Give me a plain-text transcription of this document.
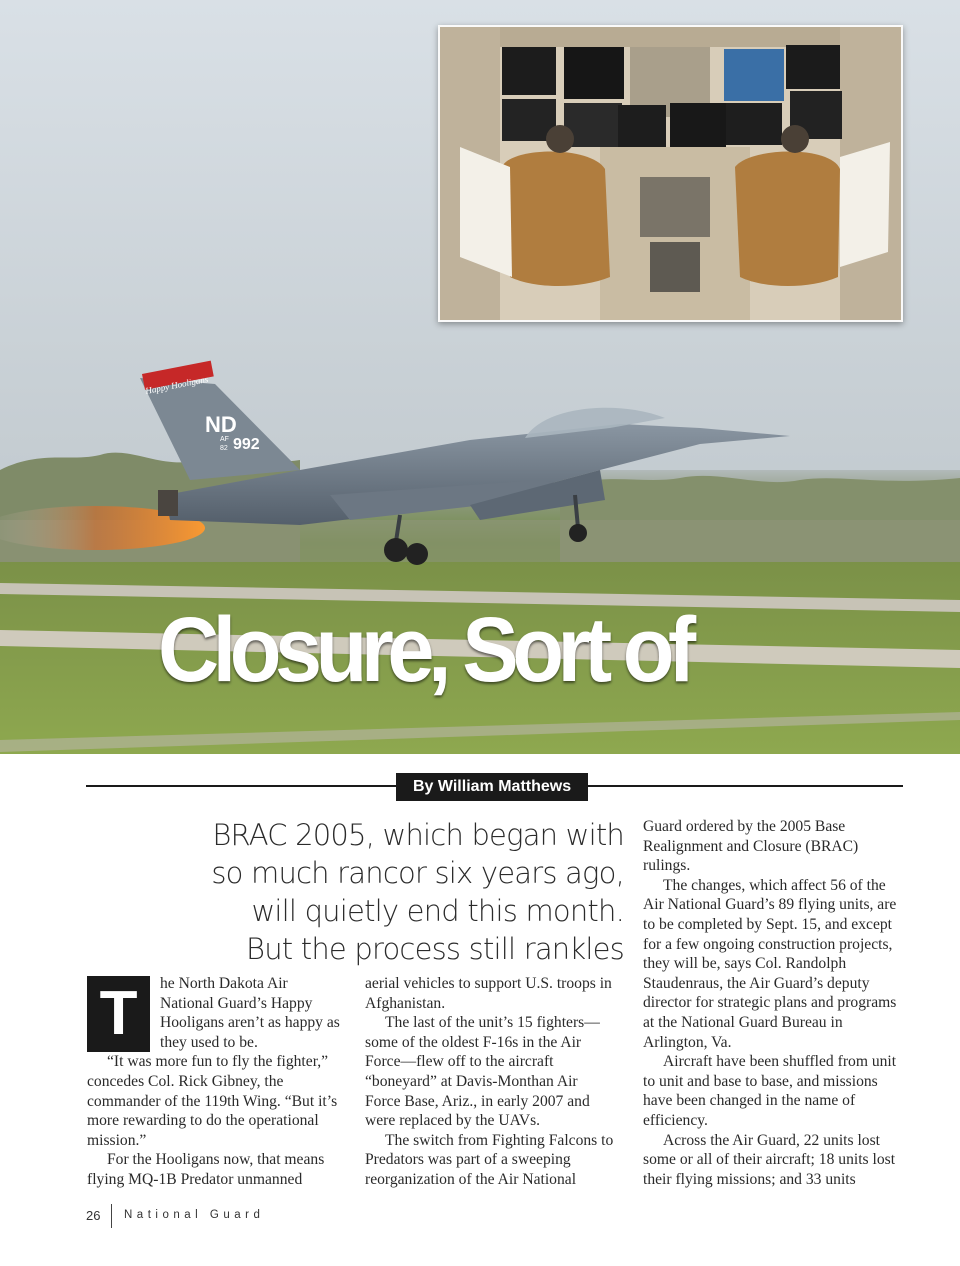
Happy Hooligans
ND
AF
82 992
Closure, Sort of
By William Matthews
BRAC 2005, which began with
so much rancor six years ago,
will quietly end this month.
But the process still rankles
T	he North Dakota Air National Guard’s Happy Hooligans aren’t as happy as they used to be.

“It was more fun to fly the fighter,” concedes Col. Rick Gibney, the commander of the 119th Wing. “But it’s more rewarding to do the operational mission.”

For the Hooligans now, that means flying MQ-1B Predator unmanned

aerial vehicles to support U.S. troops in Afghanistan.

The last of the unit’s 15 fighters—some of the oldest F-16s in the Air Force—flew off to the aircraft “boneyard” at Davis-Monthan Air Force Base, Ariz., in early 2007 and were replaced by the UAVs.

The switch from Fighting Falcons to Predators was part of a sweeping reorganization of the Air National

Guard ordered by the 2005 Base Realignment and Closure (BRAC) rulings.

The changes, which affect 56 of the Air National Guard’s 89 flying units, are to be completed by Sept. 15, and except for a few ongoing construction projects, they will be, says Col. Randolph Staudenraus, the Air Guard’s deputy director for strategic plans and programs at the National Guard Bureau in Arlington, Va.

Aircraft have been shuffled from unit to unit and base to base, and missions have been changed in the name of efficiency.

Across the Air Guard, 22 units lost some or all of their aircraft; 18 units lost their flying missions; and 33 units

26 National Guard
